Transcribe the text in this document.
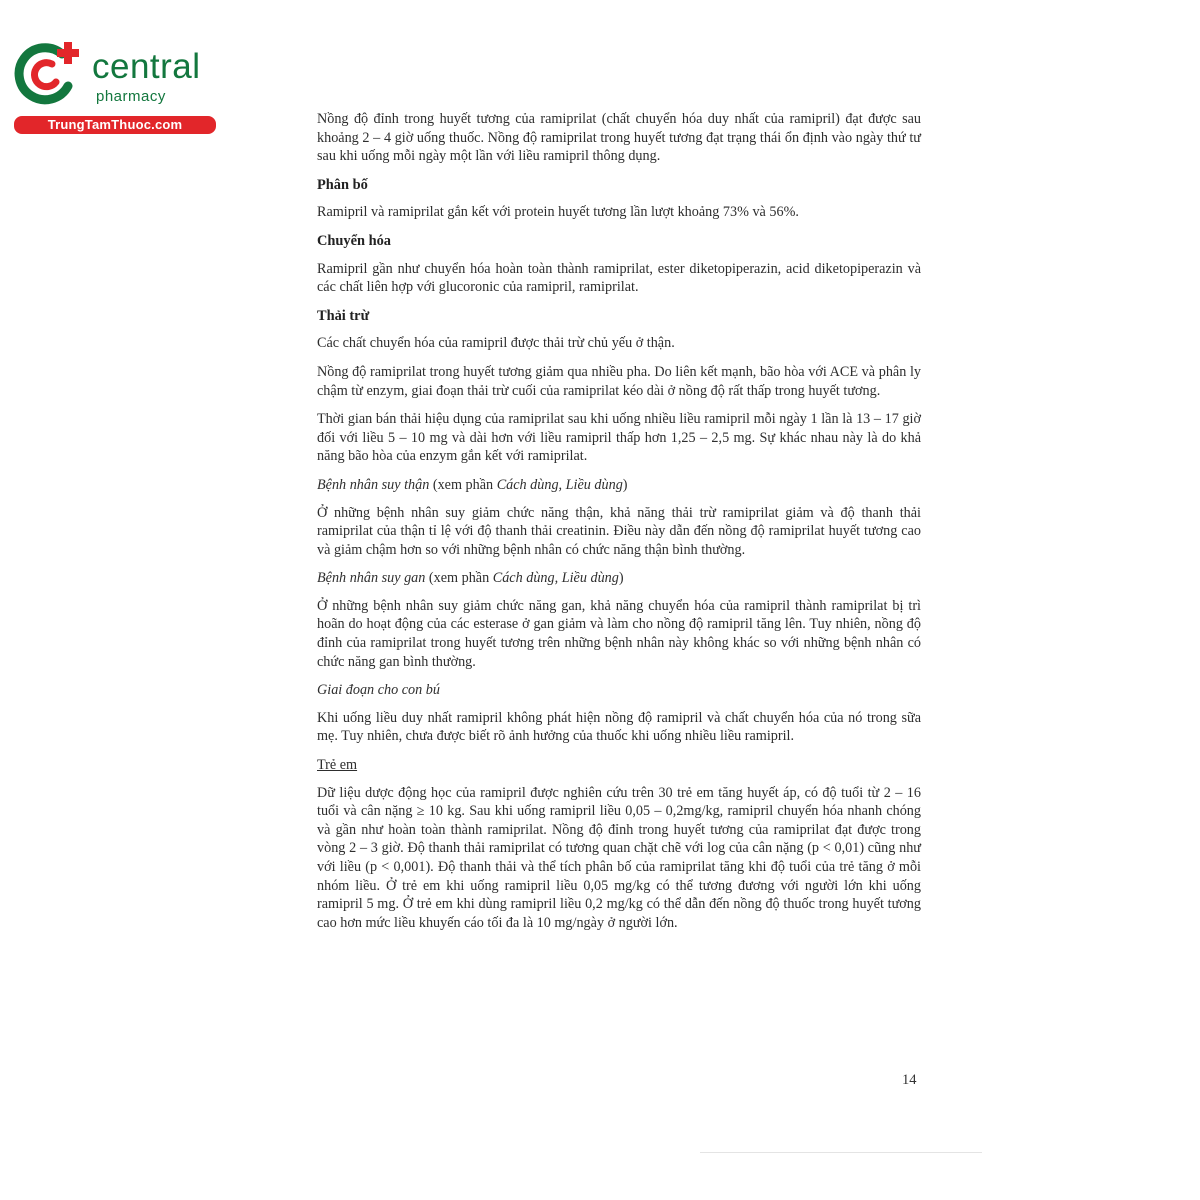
central
pharmacy
TrungTamThuoc.com	Nồng độ đỉnh trong huyết tương của ramiprilat (chất chuyển hóa duy nhất của ramipril) đạt được sau khoảng 2 – 4 giờ uống thuốc. Nồng độ ramiprilat trong huyết tương đạt trạng thái ổn định vào ngày thứ tư sau khi uống mỗi ngày một lần với liều ramipril thông dụng.

Phân bố

Ramipril và ramiprilat gắn kết với protein huyết tương lần lượt khoảng 73% và 56%.

Chuyển hóa

Ramipril gần như chuyển hóa hoàn toàn thành ramiprilat, ester diketopiperazin, acid diketopiperazin và các chất liên hợp với glucoronic của ramipril, ramiprilat.

Thải trừ

Các chất chuyển hóa của ramipril được thải trừ chủ yếu ở thận.

Nồng độ ramiprilat trong huyết tương giảm qua nhiều pha. Do liên kết mạnh, bão hòa với ACE và phân ly chậm từ enzym, giai đoạn thải trừ cuối của ramiprilat kéo dài ở nồng độ rất thấp trong huyết tương.

Thời gian bán thải hiệu dụng của ramiprilat sau khi uống nhiều liều ramipril mỗi ngày 1 lần là 13 – 17 giờ đối với liều 5 – 10 mg và dài hơn với liều ramipril thấp hơn 1,25 – 2,5 mg. Sự khác nhau này là do khả năng bão hòa của enzym gắn kết với ramiprilat.

Bệnh nhân suy thận (xem phần Cách dùng, Liều dùng)

Ở những bệnh nhân suy giảm chức năng thận, khả năng thải trừ ramiprilat giảm và độ thanh thải ramiprilat của thận tỉ lệ với độ thanh thải creatinin. Điều này dẫn đến nồng độ ramiprilat huyết tương cao và giảm chậm hơn so với những bệnh nhân có chức năng thận bình thường.

Bệnh nhân suy gan (xem phần Cách dùng, Liều dùng)

Ở những bệnh nhân suy giảm chức năng gan, khả năng chuyển hóa của ramipril thành ramiprilat bị trì hoãn do hoạt động của các esterase ở gan giảm và làm cho nồng độ ramipril tăng lên. Tuy nhiên, nồng độ đỉnh của ramiprilat trong huyết tương trên những bệnh nhân này không khác so với những bệnh nhân có chức năng gan bình thường.

Giai đoạn cho con bú

Khi uống liều duy nhất ramipril không phát hiện nồng độ ramipril và chất chuyển hóa của nó trong sữa mẹ. Tuy nhiên, chưa được biết rõ ảnh hưởng của thuốc khi uống nhiều liều ramipril.

Trẻ em

Dữ liệu dược động học của ramipril được nghiên cứu trên 30 trẻ em tăng huyết áp, có độ tuổi từ 2 – 16 tuổi và cân nặng ≥ 10 kg. Sau khi uống ramipril liều 0,05 – 0,2mg/kg, ramipril chuyển hóa nhanh chóng và gần như hoàn toàn thành ramiprilat. Nồng độ đỉnh trong huyết tương của ramiprilat đạt được trong vòng 2 – 3 giờ. Độ thanh thải ramiprilat có tương quan chặt chẽ với log của cân nặng (p < 0,01) cũng như với liều (p < 0,001). Độ thanh thải và thể tích phân bố của ramiprilat tăng khi độ tuổi của trẻ tăng ở mỗi nhóm liều. Ở trẻ em khi uống ramipril liều 0,05 mg/kg có thể tương đương với người lớn khi uống ramipril 5 mg. Ở trẻ em khi dùng ramipril liều 0,2 mg/kg có thể dẫn đến nồng độ thuốc trong huyết tương cao hơn mức liều khuyến cáo tối đa là 10 mg/ngày ở người lớn.

14
